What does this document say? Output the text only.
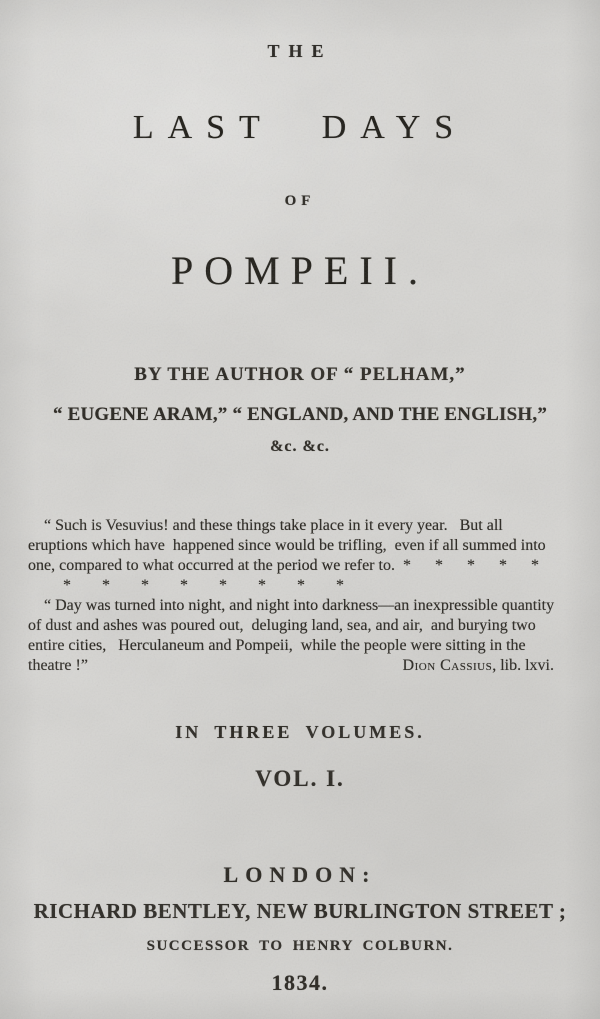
THE
LAST DAYS
OF
POMPEII.
BY THE AUTHOR OF “ PELHAM,”
“ EUGENE ARAM,” “ ENGLAND, AND THE ENGLISH,”
&c. &c.
“ Such is Vesuvius! and these things take place in it every year.   But all
eruptions which have  happened since would be trifling,  even if all summed into
one, compared to what occurred at the period we refer to.  *      *      *      *      *
*      *      *      *      *      *      *      *
“ Day was turned into night, and night into darkness—an inexpressible quantity
of dust and ashes was poured out,  deluging land, sea, and air,  and burying two
entire cities,   Herculaneum and Pompeii,  while the people were sitting in the
theatre !”	Dion Cassius, lib. lxvi.
IN THREE VOLUMES.
VOL. I.
LONDON:
RICHARD BENTLEY, NEW BURLINGTON STREET ;
SUCCESSOR TO HENRY COLBURN.
1834.
